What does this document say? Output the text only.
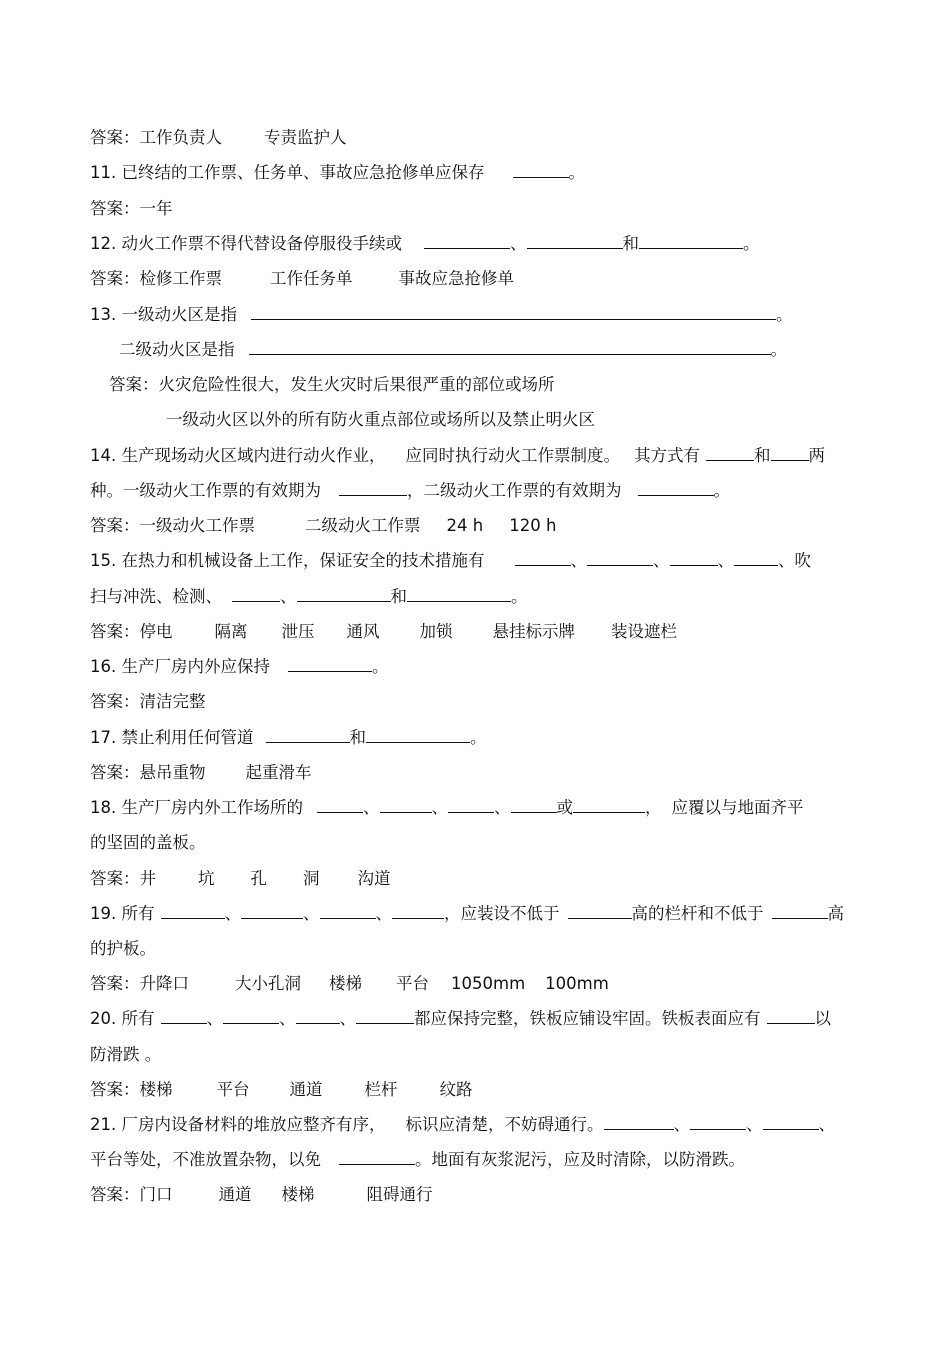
答案：工作负责人	专责监护人
11. 已终结的工作票、任务单、事故应急抢修单应保存	。
答案：一年
12. 动火工作票不得代替设备停服役手续或	、	和	。
答案：检修工作票	工作任务单	事故应急抢修单
13. 一级动火区是指	。
二级动火区是指	。
答案：火灾危险性很大，发生火灾时后果很严重的部位或场所
一级动火区以外的所有防火重点部位或场所以及禁止明火区
14. 生产现场动火区域内进行动火作业， 应同时执行动火工作票制度。 其方式有	和 两
种。一级动火工作票的有效期为	，二级动火工作票的有效期为	。
答案：一级动火工作票	二级动火工作票 24 h 120 h
15. 在热力和机械设备上工作，保证安全的技术措施有	、	、	、	、吹
扫与冲洗、检测、	、	和	。
答案：停电	隔离 泄压 通风 加锁 悬挂标示牌 装设遮栏
16. 生产厂房内外应保持	。
答案：清洁完整
17. 禁止利用任何管道	和	。
答案：悬吊重物 起重滑车
18. 生产厂房内外工作场所的	、	、	、	或	， 应覆以与地面齐平
的坚固的盖板。
答案：井	坑 孔 洞 沟道
19. 所有	、	、	、	，应装设不低于	高的栏杆和不低于	高
的护板。
答案：升降口	大小孔洞 楼梯 平台 1050mm 100mm
20. 所有	、	、	、	都应保持完整，铁板应铺设牢固。铁板表面应有	以
防滑跌 。
答案：楼梯	平台 通道	栏杆	纹路
21. 厂房内设备材料的堆放应整齐有序， 标识应清楚，不妨碍通行。	、	、	、
平台等处，不准放置杂物，以免	。地面有灰浆泥污，应及时清除，以防滑跌。
答案：门口	通道 楼梯	阻碍通行
